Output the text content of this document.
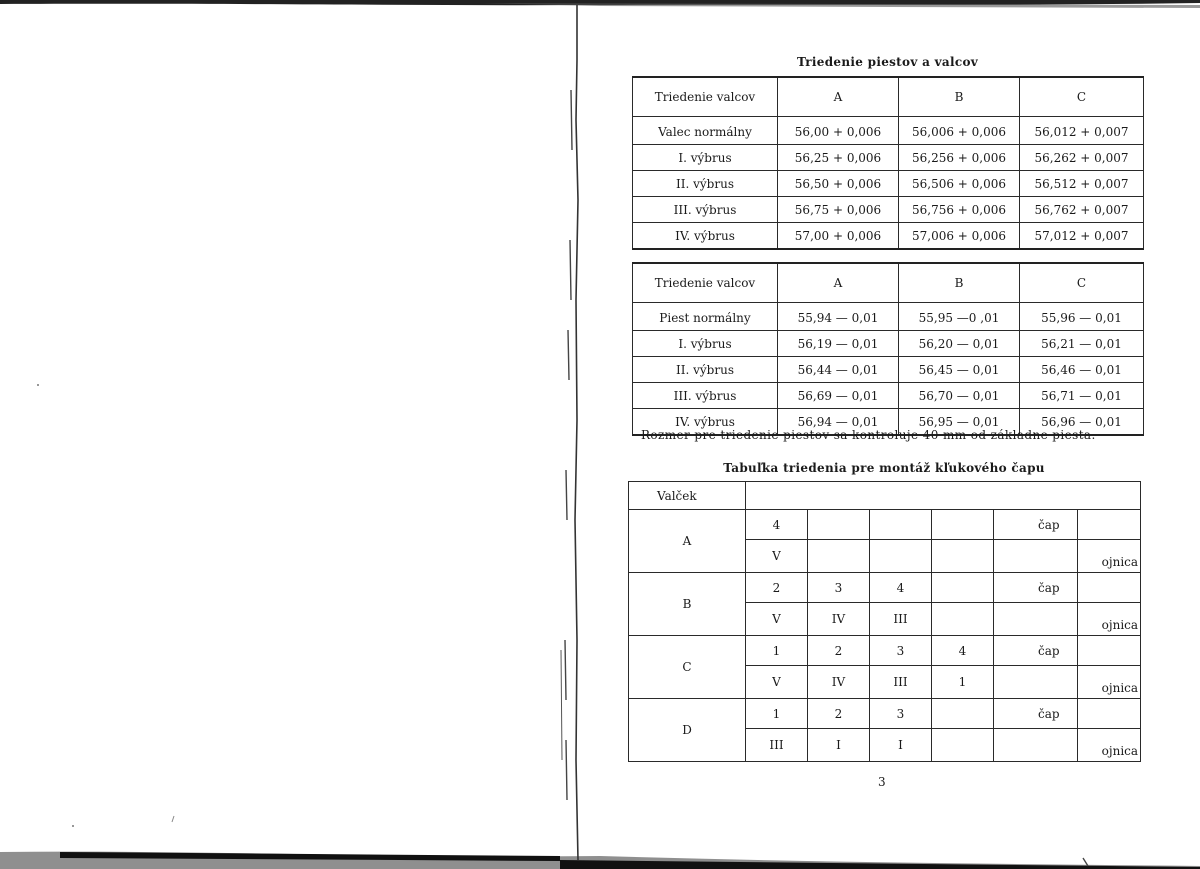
Triedenie piestov a valcov
Triedenie valcov	A	B	C
Valec normálny	56,00 + 0,006	56,006 + 0,006	56,012 + 0,007
I. výbrus	56,25 + 0,006	56,256 + 0,006	56,262 + 0,007
II. výbrus	56,50 + 0,006	56,506 + 0,006	56,512 + 0,007
III. výbrus	56,75 + 0,006	56,756 + 0,006	56,762 + 0,007
IV. výbrus	57,00 + 0,006	57,006 + 0,006	57,012 + 0,007
Triedenie valcov	A	B	C
Piest normálny	55,94 — 0,01	55,95 —0 ,01	55,96 — 0,01
I. výbrus	56,19 — 0,01	56,20 — 0,01	56,21 — 0,01
II. výbrus	56,44 — 0,01	56,45 — 0,01	56,46 — 0,01
III. výbrus	56,69 — 0,01	56,70 — 0,01	56,71 — 0,01
IV. výbrus	56,94 — 0,01	56,95 — 0,01	56,96 — 0,01
Rozmer pre triedenie piestov sa kontroluje 40 mm od základne piesta.
Tabuľka triedenia pre montáž kľukového čapu
Valček						
A	4				čap	
	V					ojnica
B	2	3	4		čap	
	V	IV	III			ojnica
C	1	2	3	4	čap	
	V	IV	III	1		ojnica
D	1	2	3		čap	
	III	I	I			ojnica
3
